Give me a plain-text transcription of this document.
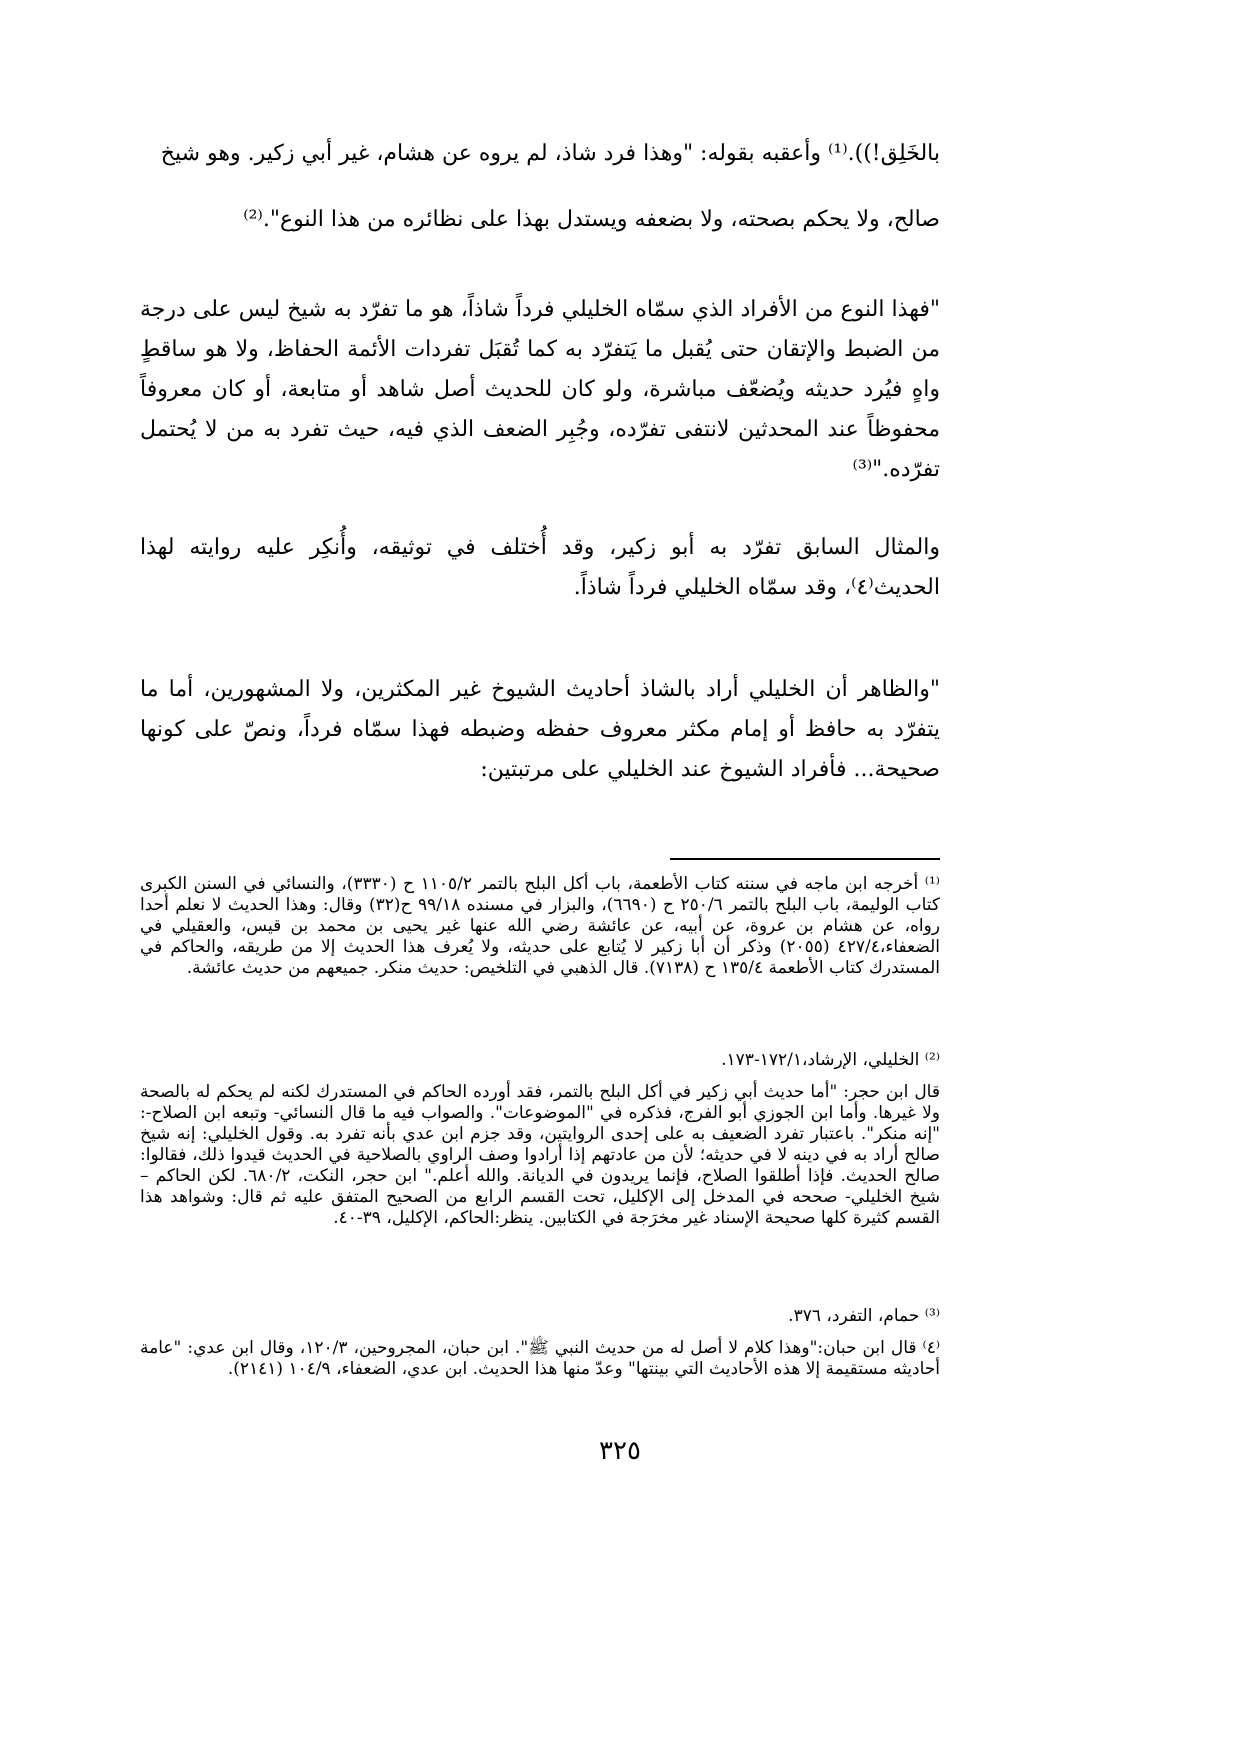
بالخَلِق!)).⁽¹⁾ وأعقبه بقوله: "وهذا فرد شاذ، لم يروه عن هشام، غير أبي زكير. وهو شيخ
صالح، ولا يحكم بصحته، ولا بضعفه ويستدل بهذا على نظائره من هذا النوع".⁽²⁾
"فهذا النوع من الأفراد الذي سمّاه الخليلي فرداً شاذاً، هو ما تفرّد به شيخ ليس على درجة من الضبط والإتقان حتى يُقبل ما يَتفرّد به كما تُقبَل تفردات الأئمة الحفاظ، ولا هو ساقطٍ واهٍ فيُرد حديثه ويُضعّف مباشرة، ولو كان للحديث أصل شاهد أو متابعة، أو كان معروفاً محفوظاً عند المحدثين لانتفى تفرّده، وجُبِر الضعف الذي فيه، حيث تفرد به من لا يُحتمل تفرّده."⁽³⁾
والمثال السابق تفرّد به أبو زكير، وقد أُختلف في توثيقه، وأُنكِر عليه روايته لهذا الحديث⁽٤⁾، وقد سمّاه الخليلي فرداً شاذاً.
"والظاهر أن الخليلي أراد بالشاذ أحاديث الشيوخ غير المكثرين، ولا المشهورين، أما ما يتفرّد به حافظ أو إمام مكثر معروف حفظه وضبطه فهذا سمّاه فرداً، ونصّ على كونها صحيحة... فأفراد الشيوخ عند الخليلي على مرتبتين:
⁽¹⁾ أخرجه ابن ماجه في سننه كتاب الأطعمة، باب أكل البلح بالتمر ١١٠٥/٢ ح (٣٣٣٠)، والنسائي في السنن الكبرى كتاب الوليمة، باب البلح بالتمر ٢٥٠/٦ ح (٦٦٩٠)، والبزار في مسنده ٩٩/١٨ ح(٣٢) وقال: وهذا الحديث لا نعلم أحدا رواه، عن هشام بن عروة، عن أبيه، عن عائشة رضي الله عنها غير يحيى بن محمد بن قيس، والعقيلي في الضعفاء،٤٢٧/٤ (٢٠٥٥) وذكر أن أبا زكير لا يُتابع على حديثه، ولا يُعرف هذا الحديث إلا من طريقه، والحاكم في المستدرك كتاب الأطعمة ١٣٥/٤ ح (٧١٣٨). قال الذهبي في التلخيص: حديث منكر. جميعهم من حديث عائشة.
⁽²⁾ الخليلي، الإرشاد،١٧٢/١-١٧٣.
قال ابن حجر: "أما حديث أبي زكير في أكل البلح بالتمر، فقد أورده الحاكم في المستدرك لكنه لم يحكم له بالصحة ولا غيرها. وأما ابن الجوزي أبو الفرج، فذكره في "الموضوعات". والصواب فيه ما قال النسائي- وتبعه ابن الصلاح-: "إنه منكر". باعتبار تفرد الضعيف به على إحدى الروايتين، وقد جزم ابن عدي بأنه تفرد به. وقول الخليلي: إنه شيخ صالح أراد به في دينه لا في حديثه؛ لأن من عادتهم إذا أرادوا وصف الراوي بالصلاحية في الحديث قيدوا ذلك، فقالوا: صالح الحديث. فإذا أطلقوا الصلاح، فإنما يريدون في الديانة. والله أعلم." ابن حجر، النكت، ٦٨٠/٢. لكن الحاكم –شيخ الخليلي- صححه في المدخل إلى الإكليل، تحت القسم الرابع من الصحيح المتفق عليه ثم قال: وشواهد هذا القسم كثيرة كلها صحيحة الإسناد غير مخرَجة في الكتابين. ينظر:الحاكم، الإكليل، ٣٩-٤٠.
⁽³⁾ حمام، التفرد، ٣٧٦.
⁽٤⁾ قال ابن حبان:"وهذا كلام لا أصل له من حديث النبي ﷺ". ابن حبان، المجروحين، ١٢٠/٣، وقال ابن عدي: "عامة أحاديثه مستقيمة إلا هذه الأحاديث التي بينتها" وعدّ منها هذا الحديث. ابن عدي، الضعفاء، ١٠٤/٩ (٢١٤١).
٣٢٥
